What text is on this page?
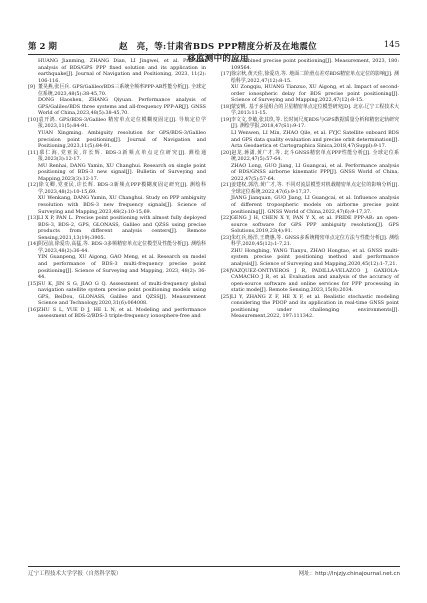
第 2 期	赵　亮，等:甘肃省BDS PPP精度分析及在地震位移监测中的应用
145
HUANG Jianming, ZHANG Dian, LI Jingwei, et al. Precision analysis of BDS/GPS PPP fixed solution and its application in earthquake[J]. Journal of Navigation and Positioning, 2023, 11(2): 106-116.
[9] 董昊燕,张巨兵. GPS/Galileo/BDS三系统全频率PPP-AR性能分析[J]. 全球定位系统,2023,48(5):38-45,70.
DONG Haoshen, ZHANG Qiyuan. Performance analysis of GPS/Galileo/BDS three systems and all-frequency PPP-AR[J]. GNSS World of China,2023,48(5):38-45,70.
[10]袁开鸿. GPS/BDS-3/Galileo 精密单点定位模糊度固定[J]. 导航定位学报,2023,11(5):84-91.
YUAN Xingming. Ambiguity resolution for GPS/BDS-3/Galileo precision point positioning[J]. Journal of Navigation and Positioning,2023,11(5):84-91.
[11]慕仁海,党亚民,许长辉. BDS-3新频点单点定位研究[J]. 测绘通报,2023(3):12-17.
MU Renhai, DANG Yamin, XU Changhui. Research on single point positioning of BDS-3 new signal[J]. Bulletin of Surveying and Mapping,2023(3):12-17.
[12]徐文卿,党亚民,许长辉. BDS-3新频点PPP模糊度固定研究[J]. 测绘科学,2023,48(2):10-15,69.
XU Wenkang, DANG Yamin, XU Changhui. Study on PPP ambiguity resolution with BDS-3 new frequency signals[J]. Science of Surveying and Mapping,2023,48(2):10-15,69.
[13]LI X P, PAN L. Precise point positioning with almost fully deployed BDS-3, BDS-2, GPS, GLONASS, Galileo and QZSS using precise products from different analysis centers[J]. Remote Sensing,2021,13(19):3905.
[14]阴冠前,徐爱功,高猛,等. BDS-3多频精密单点定位模型及性能分析[J]. 测绘科学,2023,48(2):36-44.
YIN Guanpeng, XU Aigong, GAO Meng, et al. Research on model and performance of BDS-3 multi-frequency precise point positioning[J]. Science of Surveying and Mapping, 2023, 48(2): 36-44.
[15]SU K, JIN S G, JIAO G Q. Assessment of multi-frequency global navigation satellite system precise point positioning models using GPS, BeiDou, GLONASS, Galileo and QZSS[J]. Measurement Science and Technology,2020,31(6):064008.
[16]ZHU S L, YUE D J, HE L N, et al. Modeling and performance assessment of BDS-2/BDS-3 triple-frequency ionosphere-free and
uncombined precise point positioning[J]. Measurement, 2023, 180: 109564.
[17]徐宗秋,黄天佐,徐爱功,等. 地面二阶滑点差对BDS精密单点定位的影响[J]. 测绘科学,2022,47(12):8-15.
XU Zongqiu, HUANG Tianzuo, XU Aigong, et al. Impact of second-order ionospheric delay for BDS precise point positioning[J]. Science of Surveying and Mapping,2022,47(12):8-15.
[18]蒙安帆. 基于多星组合的卫星精密单点定位模型研究[D]. 北京:辽宁工程技术大学,2013:11-15.
[19]李文文,李敏,张其玖,等. 长时间尺度BDS与GPS数据质量分析和精密定轨研究[J]. 测绘学报,2018,47(S1):9-17.
LI Wenwen, LI Min, ZHAO Qile, et al. FYJC Satellite onboard BDS and GPS data quality evaluation and precise orbit determination[J]. Acta Geodaetica et Cartographica Sinica,2018,47(Suppl):9-17.
[20]赵龙,蒋潇,黄广才,等. 北斗GNSS精密单点PPP性能分析[J]. 全球定位系统,2022,47(5):57-64.
ZHAO Long, GUO Jiang, LI Guangcai, et al. Performance analysis of BDS/GNSS airborne kinematic PPP[J]. GNSS World of China, 2022,47(5):57-64.
[21]姜建权,郭浩,黄广才,等. 不同对流层模型对机载精密单点定位的影响分析[J]. 全球定位系统,2022,47(6):9-17,37.
JIANG Jianquan, GUO Jiang, LI Guangcai, et al. Influence analysis of different tropospheric models on airborne precise point positioning[J]. GNSS World of China,2022,47(6):9-17,37.
[22]GENG J H, CHEN X Y, PAN Y X, et al. PRIDE PPP-AR: an open-source software for GPS PPP ambiguity resolution[J]. GPS Solutions,2019,23(4):91.
[23]朱红兵,杨洋,王晓惠,等. GNSS多系统精密单点定位方法与性能分析[J]. 测绘科学,2020,45(12):1-7,21.
ZHU Hongbing, YANG Tianyu, ZHAO Hongtao, et al. GNSS multi-system precise point positioning method and performance analysis[J]. Science of Surveying and Mapping,2020,45(12):1-7,21.
[24]VAZQUEZ-ONTIVEROS J R, PADILLA-VELAZCO J, GAXIOLA-CAMACHO J R, et al. Evaluation and analysis of the accuracy of open-source software and online services for PPP processing in static mode[J]. Remote Sensing,2023,15(8):2034.
[25]LI Y, ZHANG Z F, HE X F, et al. Realistic stochastic modeling considering the PDOP and its application in real-time GNSS point positioning under challenging environments[J]. Measurement,2022, 197:111342.
辽宁工程技术大学学报（自然科学版）	网址：http://lnjzjy.chinajournal.net.cn
